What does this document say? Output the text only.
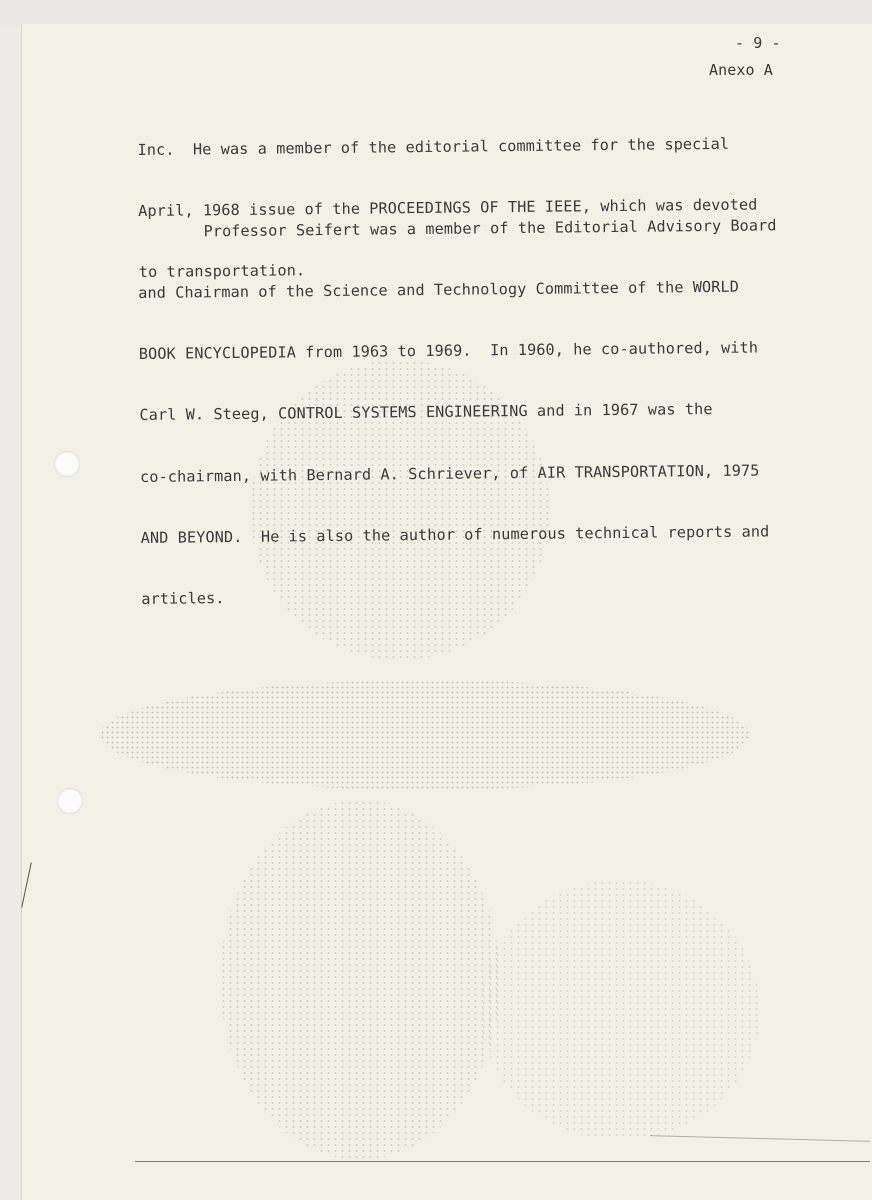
- 9 -
Anexo A

Inc.  He was a member of the editorial committee for the special

April, 1968 issue of the PROCEEDINGS OF THE IEEE, which was devoted

to transportation.

Professor Seifert was a member of the Editorial Advisory Board

and Chairman of the Science and Technology Committee of the WORLD

BOOK ENCYCLOPEDIA from 1963 to 1969.  In 1960, he co-authored, with

Carl W. Steeg, CONTROL SYSTEMS ENGINEERING and in 1967 was the

co-chairman, with Bernard A. Schriever, of AIR TRANSPORTATION, 1975

AND BEYOND.  He is also the author of numerous technical reports and

articles.
